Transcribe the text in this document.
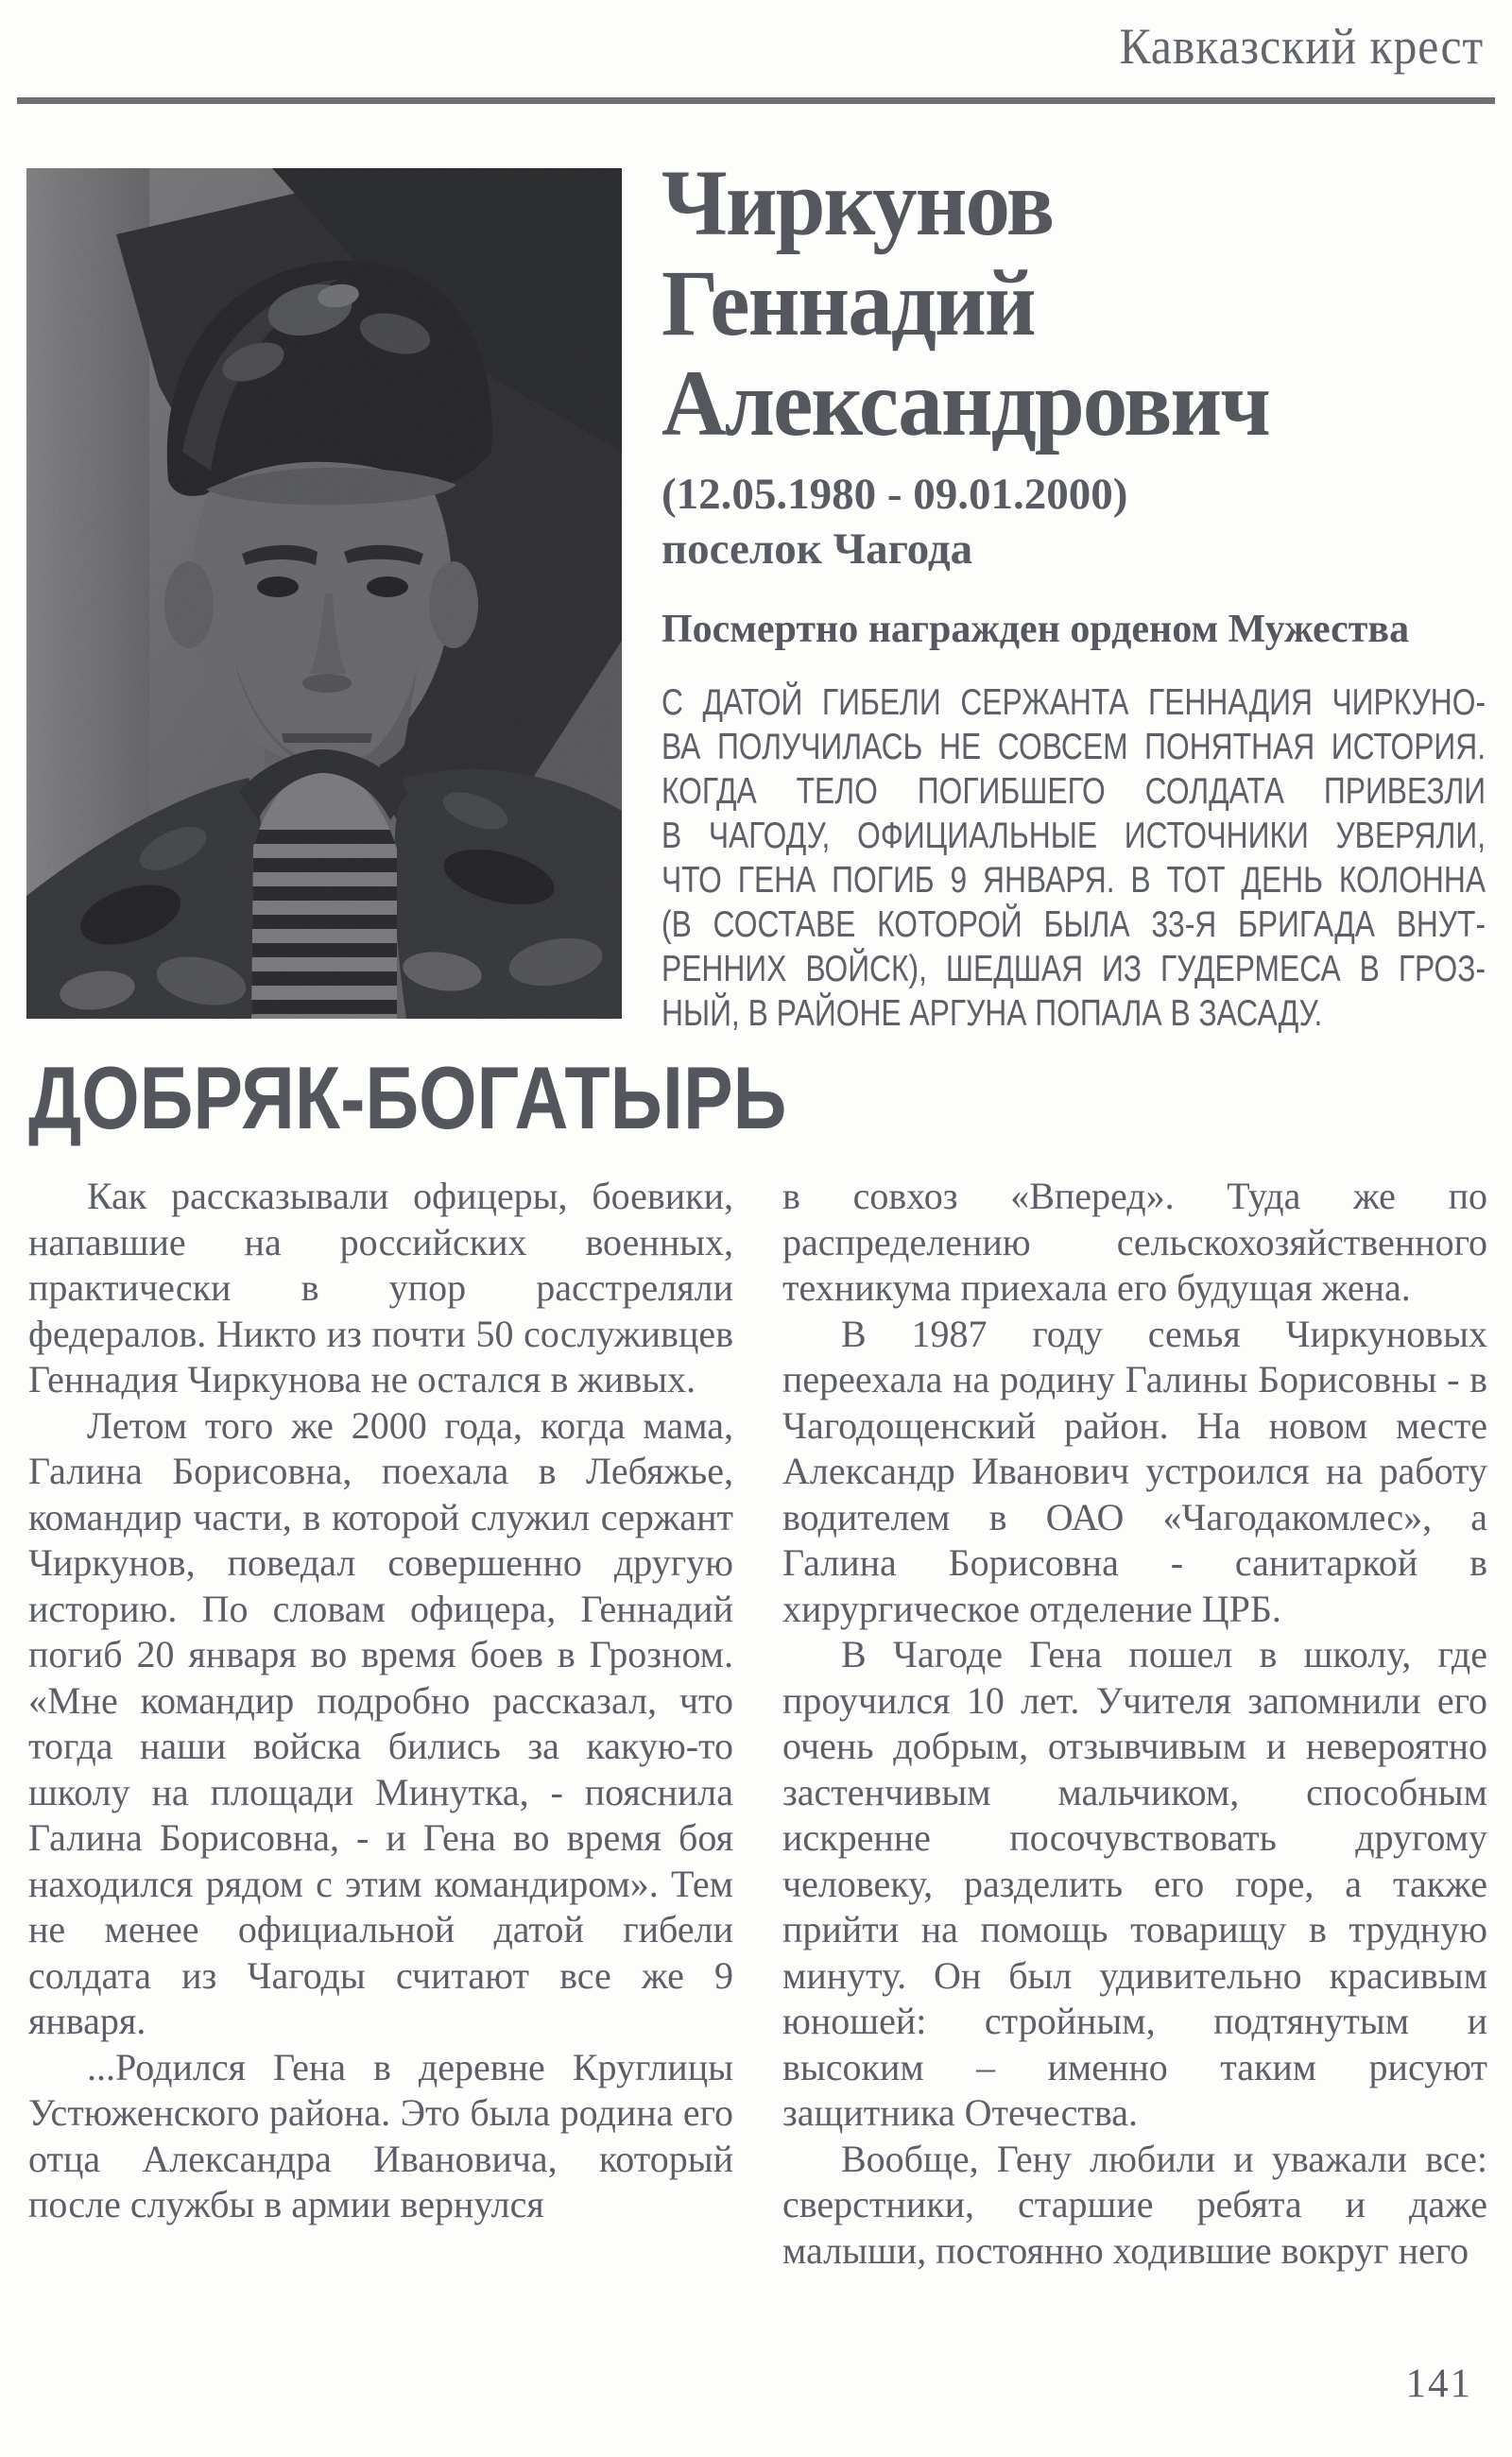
Кавказский крест
Чиркунов
Геннадий
Александрович
(12.05.1980 - 09.01.2000)
поселок Чагода
Посмертно награжден орденом Мужества

С ДАТОЙ ГИБЕЛИ СЕРЖАНТА ГЕННАДИЯ ЧИРКУНО-

ВА ПОЛУЧИЛАСЬ НЕ СОВСЕМ ПОНЯТНАЯ ИСТОРИЯ.

КОГДА ТЕЛО ПОГИБШЕГО СОЛДАТА ПРИВЕЗЛИ

В ЧАГОДУ, ОФИЦИАЛЬНЫЕ ИСТОЧНИКИ УВЕРЯЛИ,

ЧТО ГЕНА ПОГИБ 9 ЯНВАРЯ. В ТОТ ДЕНЬ КОЛОННА

(В СОСТАВЕ КОТОРОЙ БЫЛА 33-Я БРИГАДА ВНУТ-

РЕННИХ ВОЙСК), ШЕДШАЯ ИЗ ГУДЕРМЕСА В ГРОЗ-

НЫЙ, В РАЙОНЕ АРГУНА ПОПАЛА В ЗАСАДУ.

ДОБРЯК-БОГАТЫРЬ

Как рассказывали офицеры, боевики, напавшие на российских военных, практически в упор расстреляли федералов. Никто из почти 50 сослуживцев Геннадия Чиркунова не остался в живых.

Летом того же 2000 года, когда мама, Галина Борисовна, поехала в Лебяжье, командир части, в которой служил сержант Чиркунов, поведал совершенно другую историю. По словам офицера, Геннадий погиб 20 января во время боев в Грозном. «Мне командир подробно рассказал, что тогда наши войска бились за какую-то школу на площади Минутка, - пояснила Галина Борисовна, - и Гена во время боя находился рядом с этим командиром». Тем не менее официальной датой гибели солдата из Чагоды считают все же 9 января.

...Родился Гена в деревне Круглицы Устюженского района. Это была родина его отца Александра Ивановича, который после службы в армии вернулся

в совхоз «Вперед». Туда же по распределению сельскохозяйственного техникума приехала его будущая жена.

В 1987 году семья Чиркуновых переехала на родину Галины Борисовны - в Чагодощенский район. На новом месте Александр Иванович устроился на работу водителем в ОАО «Чагодакомлес», а Галина Борисовна - санитаркой в хирургическое отделение ЦРБ.

В Чагоде Гена пошел в школу, где проучился 10 лет. Учителя запомнили его очень добрым, отзывчивым и невероятно застенчивым мальчиком, способным искренне посочувствовать другому человеку, разделить его горе, а также прийти на помощь товарищу в трудную минуту. Он был удивительно красивым юношей: стройным, подтянутым и высоким – именно таким рисуют защитника Отечества.

Вообще, Гену любили и уважали все: сверстники, старшие ребята и даже малыши, постоянно ходившие вокруг него

141
